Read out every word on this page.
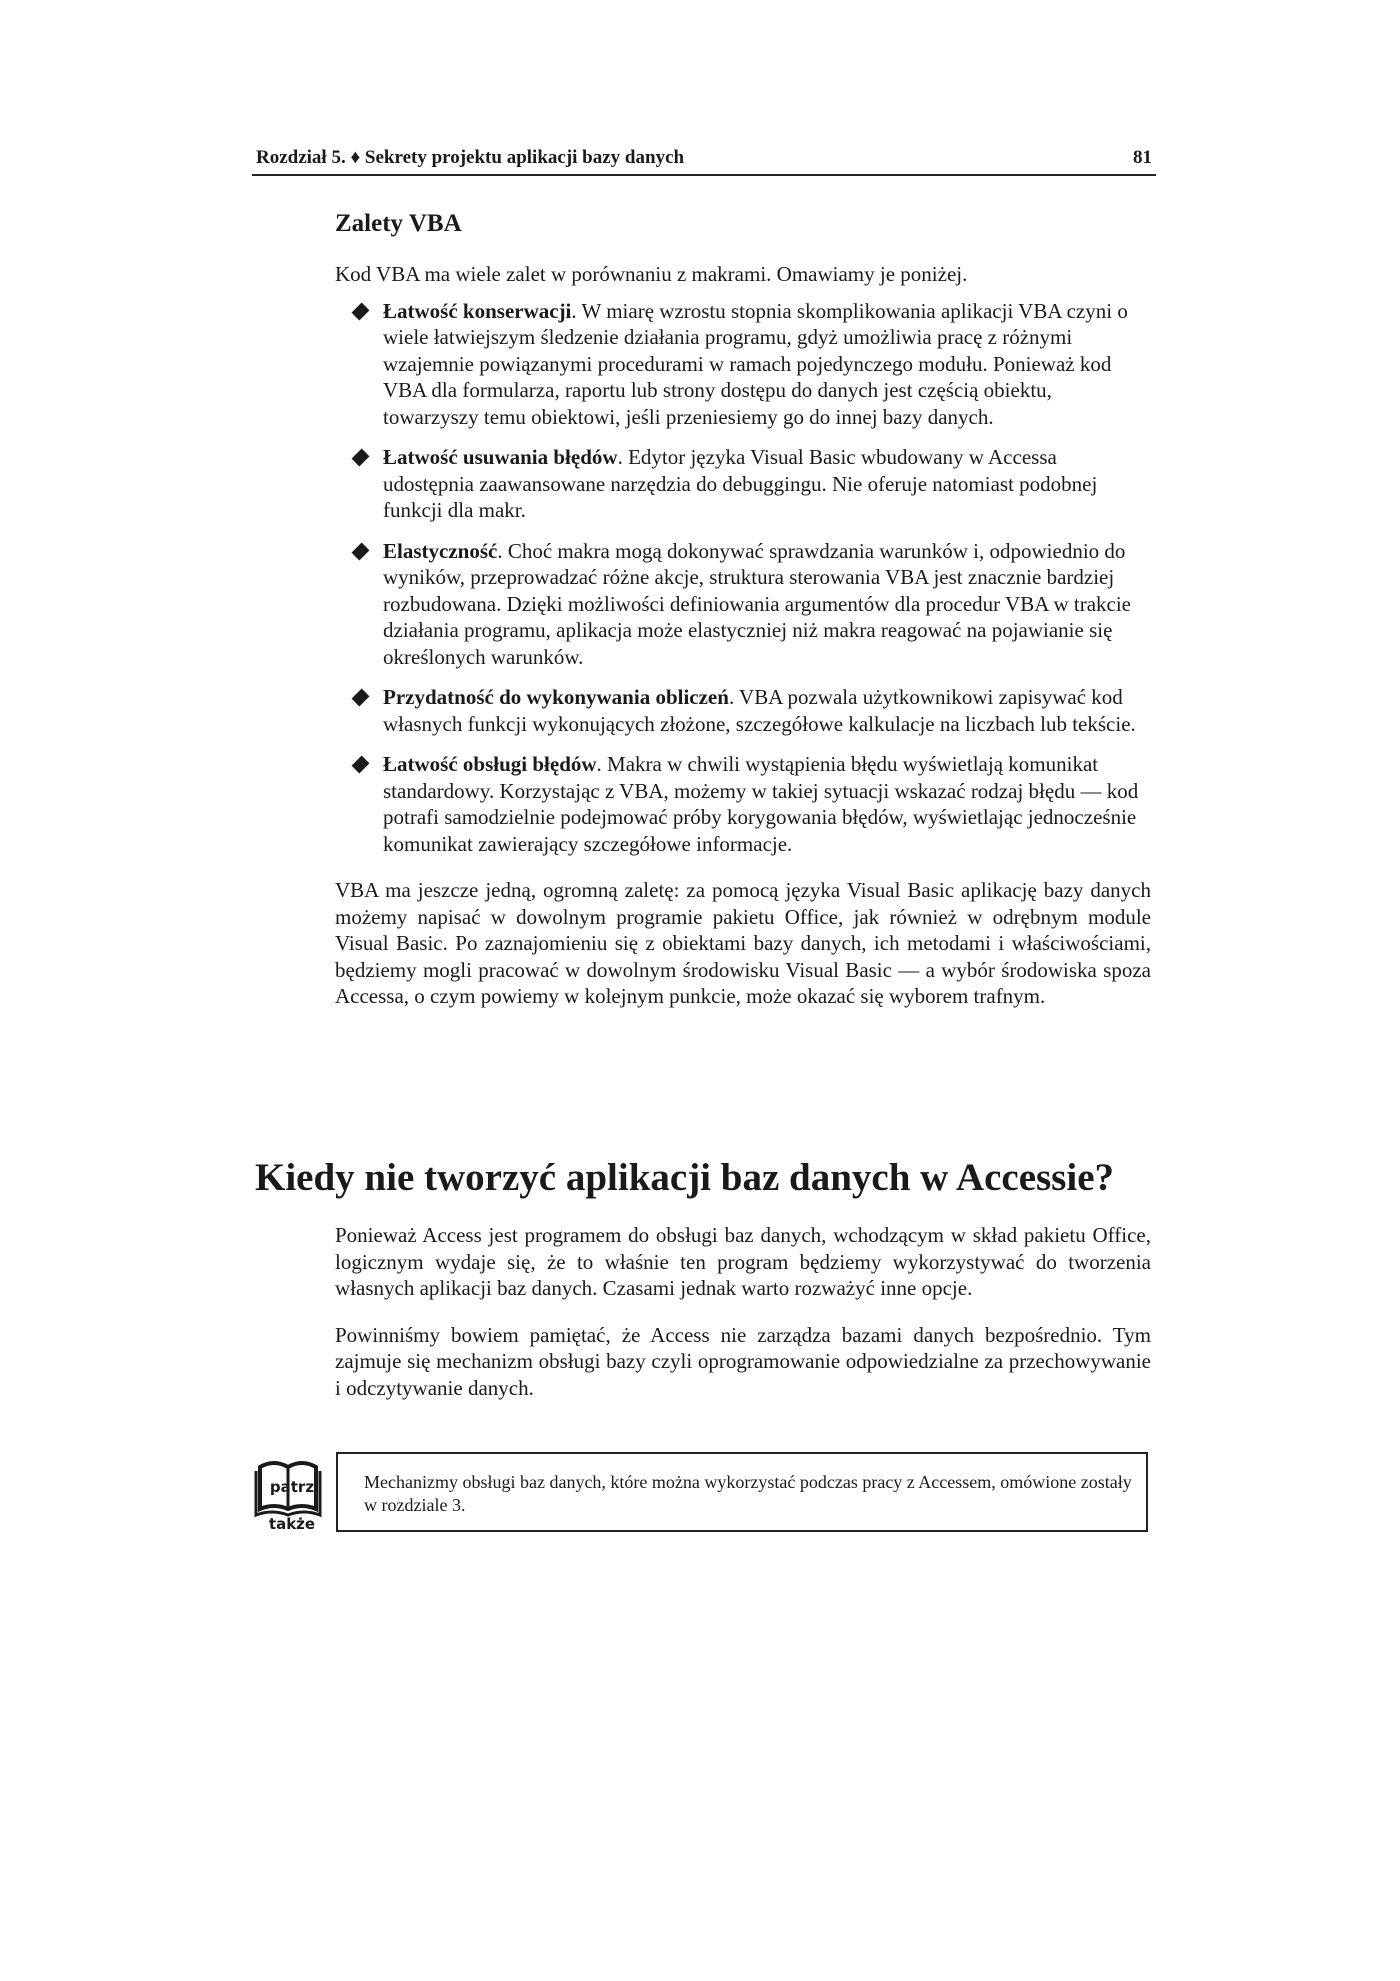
Rozdział 5. ♦ Sekrety projektu aplikacji bazy danych	81
Zalety VBA

Kod VBA ma wiele zalet w porównaniu z makrami. Omawiamy je poniżej.

Łatwość konserwacji. W miarę wzrostu stopnia skomplikowania aplikacji VBA czyni o wiele łatwiejszym śledzenie działania programu, gdyż umożliwia pracę z różnymi wzajemnie powiązanymi procedurami w ramach pojedynczego modułu. Ponieważ kod VBA dla formularza, raportu lub strony dostępu do danych jest częścią obiektu, towarzyszy temu obiektowi, jeśli przeniesiemy go do innej bazy danych.
Łatwość usuwania błędów. Edytor języka Visual Basic wbudowany w Accessa udostępnia zaawansowane narzędzia do debuggingu. Nie oferuje natomiast podobnej funkcji dla makr.
Elastyczność. Choć makra mogą dokonywać sprawdzania warunków i, odpowiednio do wyników, przeprowadzać różne akcje, struktura sterowania VBA jest znacznie bardziej rozbudowana. Dzięki możliwości definiowania argumentów dla procedur VBA w trakcie działania programu, aplikacja może elastyczniej niż makra reagować na pojawianie się określonych warunków.
Przydatność do wykonywania obliczeń. VBA pozwala użytkownikowi zapisywać kod własnych funkcji wykonujących złożone, szczegółowe kalkulacje na liczbach lub tekście.
Łatwość obsługi błędów. Makra w chwili wystąpienia błędu wyświetlają komunikat standardowy. Korzystając z VBA, możemy w takiej sytuacji wskazać rodzaj błędu — kod potrafi samodzielnie podejmować próby korygowania błędów, wyświetlając jednocześnie komunikat zawierający szczegółowe informacje.

VBA ma jeszcze jedną, ogromną zaletę: za pomocą języka Visual Basic aplikację bazy danych możemy napisać w dowolnym programie pakietu Office, jak również w odrębnym module Visual Basic. Po zaznajomieniu się z obiektami bazy danych, ich metodami i właściwościami, będziemy mogli pracować w dowolnym środowisku Visual Basic — a wybór środowiska spoza Accessa, o czym powiemy w kolejnym punkcie, może okazać się wyborem trafnym.

Kiedy nie tworzyć aplikacji baz danych w Accessie?

Ponieważ Access jest programem do obsługi baz danych, wchodzącym w skład pakietu Office, logicznym wydaje się, że to właśnie ten program będziemy wykorzystywać do tworzenia własnych aplikacji baz danych. Czasami jednak warto rozważyć inne opcje.

Powinniśmy bowiem pamiętać, że Access nie zarządza bazami danych bezpośrednio. Tym zajmuje się mechanizm obsługi bazy czyli oprogramowanie odpowiedzialne za przechowywanie i odczytywanie danych.

patrz
także
Mechanizmy obsługi baz danych, które można wykorzystać podczas pracy z Accessem, omówione zostały w rozdziale 3.
